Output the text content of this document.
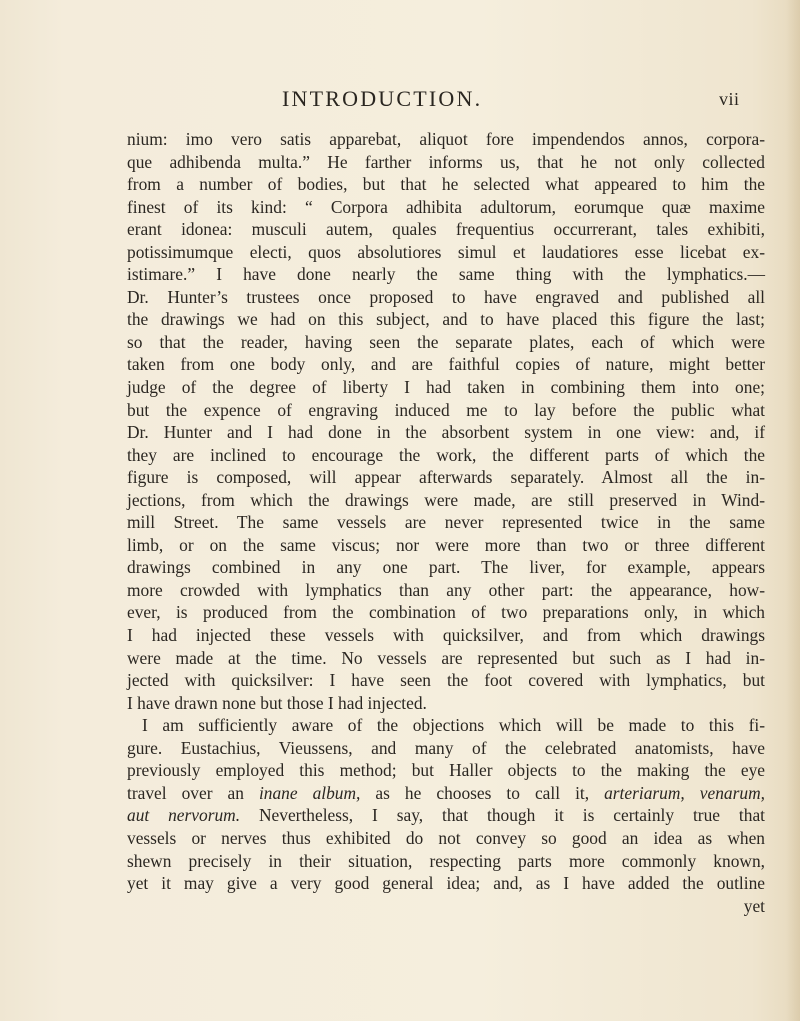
INTRODUCTION.	vii
nium: imo vero satis apparebat, aliquot fore impendendos annos, corpora-
que adhibenda multa.” He farther informs us, that he not only collected
from a number of bodies, but that he selected what appeared to him the
finest of its kind: “ Corpora adhibita adultorum, eorumque quæ maxime
erant idonea: musculi autem, quales frequentius occurrerant, tales exhibiti,
potissimumque electi, quos absolutiores simul et laudatiores esse licebat ex-
istimare.” I have done nearly the same thing with the lymphatics.—
Dr. Hunter’s trustees once proposed to have engraved and published all
the drawings we had on this subject, and to have placed this figure the last;
so that the reader, having seen the separate plates, each of which were
taken from one body only, and are faithful copies of nature, might better
judge of the degree of liberty I had taken in combining them into one;
but the expence of engraving induced me to lay before the public what
Dr. Hunter and I had done in the absorbent system in one view: and, if
they are inclined to encourage the work, the different parts of which the
figure is composed, will appear afterwards separately. Almost all the in-
jections, from which the drawings were made, are still preserved in Wind-
mill Street. The same vessels are never represented twice in the same
limb, or on the same viscus; nor were more than two or three different
drawings combined in any one part. The liver, for example, appears
more crowded with lymphatics than any other part: the appearance, how-
ever, is produced from the combination of two preparations only, in which
I had injected these vessels with quicksilver, and from which drawings
were made at the time. No vessels are represented but such as I had in-
jected with quicksilver: I have seen the foot covered with lymphatics, but
I have drawn none but those I had injected.
I am sufficiently aware of the objections which will be made to this fi-
gure. Eustachius, Vieussens, and many of the celebrated anatomists, have
previously employed this method; but Haller objects to the making the eye
travel over an inane album, as he chooses to call it, arteriarum, venarum,
aut nervorum. Nevertheless, I say, that though it is certainly true that
vessels or nerves thus exhibited do not convey so good an idea as when
shewn precisely in their situation, respecting parts more commonly known,
yet it may give a very good general idea; and, as I have added the outline
yet
